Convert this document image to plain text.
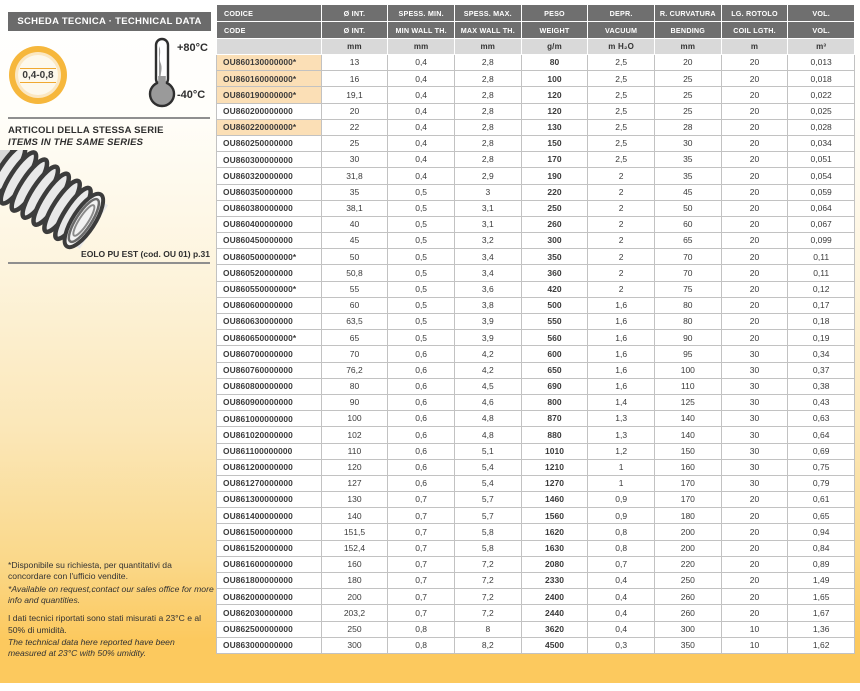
SCHEDA TECNICA · TECHNICAL DATA
0,4-0,8
+80°C
-40°C
ARTICOLI DELLA STESSA SERIE
ITEMS IN THE SAME SERIES
EOLO PU EST (cod. OU 01) p.31

*Disponibile su richiesta, per quantitativi da concordare con l'ufficio vendite.

*Available on request,contact our sales office for more info and quantities.

I dati tecnici riportati sono stati misurati a 23°C e al 50% di umidità.

The technical data here reported have been measured at 23°C with 50% umidity.

CODICE	Ø INT.	SPESS. MIN.	SPESS. MAX.	PESO	DEPR.	R. CURVATURA	LG. ROTOLO	VOL.
CODE	Ø INT.	MIN WALL TH.	MAX WALL TH.	WEIGHT	VACUUM	BENDING	COIL LGTH.	VOL.
	mm	mm	mm	g/m	m H₂O	mm	m	m³
OU860130000000*	13	0,4	2,8	80	2,5	20	20	0,013
OU860160000000*	16	0,4	2,8	100	2,5	25	20	0,018
OU860190000000*	19,1	0,4	2,8	120	2,5	25	20	0,022
OU860200000000	20	0,4	2,8	120	2,5	25	20	0,025
OU860220000000*	22	0,4	2,8	130	2,5	28	20	0,028
OU860250000000	25	0,4	2,8	150	2,5	30	20	0,034
OU860300000000	30	0,4	2,8	170	2,5	35	20	0,051
OU860320000000	31,8	0,4	2,9	190	2	35	20	0,054
OU860350000000	35	0,5	3	220	2	45	20	0,059
OU860380000000	38,1	0,5	3,1	250	2	50	20	0,064
OU860400000000	40	0,5	3,1	260	2	60	20	0,067
OU860450000000	45	0,5	3,2	300	2	65	20	0,099
OU860500000000*	50	0,5	3,4	350	2	70	20	0,11
OU860520000000	50,8	0,5	3,4	360	2	70	20	0,11
OU860550000000*	55	0,5	3,6	420	2	75	20	0,12
OU860600000000	60	0,5	3,8	500	1,6	80	20	0,17
OU860630000000	63,5	0,5	3,9	550	1,6	80	20	0,18
OU860650000000*	65	0,5	3,9	560	1,6	90	20	0,19
OU860700000000	70	0,6	4,2	600	1,6	95	30	0,34
OU860760000000	76,2	0,6	4,2	650	1,6	100	30	0,37
OU860800000000	80	0,6	4,5	690	1,6	110	30	0,38
OU860900000000	90	0,6	4,6	800	1,4	125	30	0,43
OU861000000000	100	0,6	4,8	870	1,3	140	30	0,63
OU861020000000	102	0,6	4,8	880	1,3	140	30	0,64
OU861100000000	110	0,6	5,1	1010	1,2	150	30	0,69
OU861200000000	120	0,6	5,4	1210	1	160	30	0,75
OU861270000000	127	0,6	5,4	1270	1	170	30	0,79
OU861300000000	130	0,7	5,7	1460	0,9	170	20	0,61
OU861400000000	140	0,7	5,7	1560	0,9	180	20	0,65
OU861500000000	151,5	0,7	5,8	1620	0,8	200	20	0,94
OU861520000000	152,4	0,7	5,8	1630	0,8	200	20	0,84
OU861600000000	160	0,7	7,2	2080	0,7	220	20	0,89
OU861800000000	180	0,7	7,2	2330	0,4	250	20	1,49
OU862000000000	200	0,7	7,2	2400	0,4	260	20	1,65
OU862030000000	203,2	0,7	7,2	2440	0,4	260	20	1,67
OU862500000000	250	0,8	8	3620	0,4	300	10	1,36
OU863000000000	300	0,8	8,2	4500	0,3	350	10	1,62
